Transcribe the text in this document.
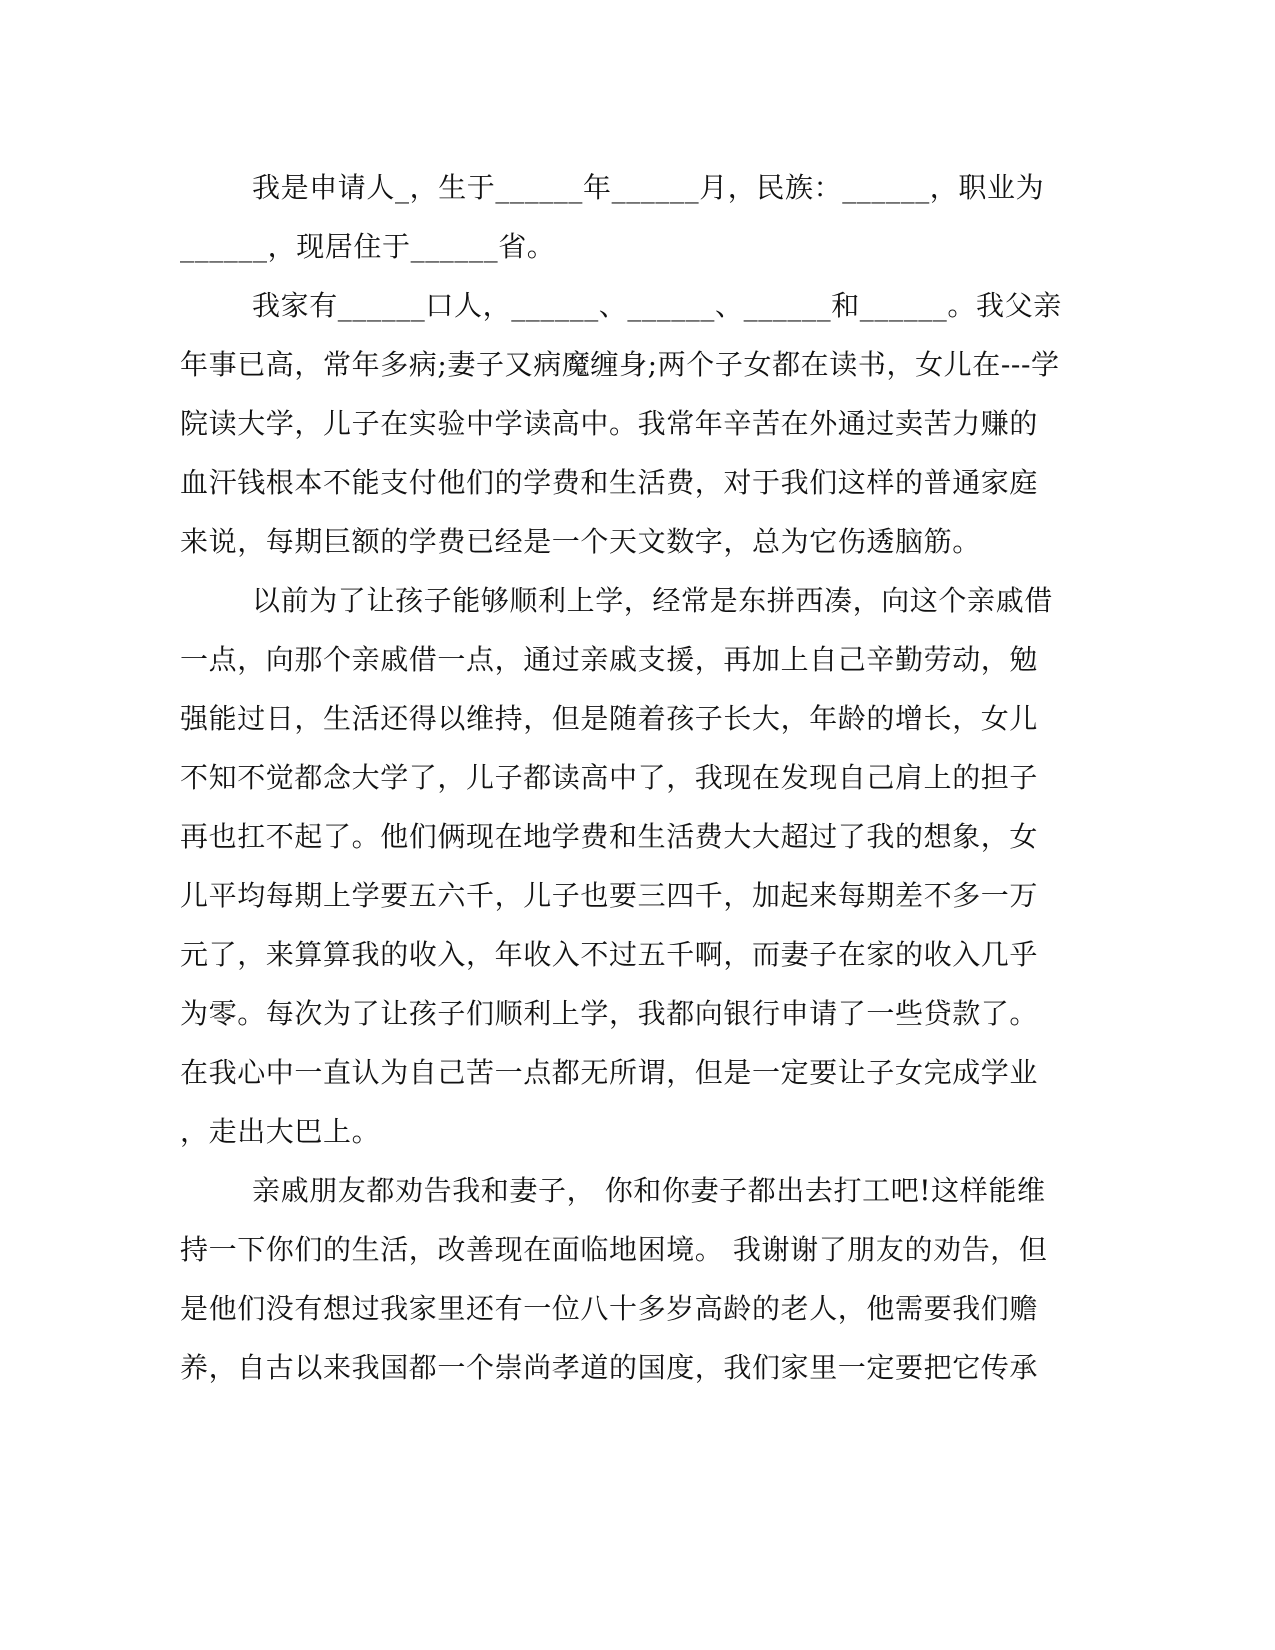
我是申请人_，生于______年______月，民族：______，职业为
______，现居住于______省。

我家有______口人，______、______、______和______。我父亲
年事已高，常年多病;妻子又病魔缠身;两个子女都在读书，女儿在---学
院读大学，儿子在实验中学读高中。我常年辛苦在外通过卖苦力赚的
血汗钱根本不能支付他们的学费和生活费，对于我们这样的普通家庭
来说，每期巨额的学费已经是一个天文数字，总为它伤透脑筋。

以前为了让孩子能够顺利上学，经常是东拼西凑，向这个亲戚借
一点，向那个亲戚借一点，通过亲戚支援，再加上自己辛勤劳动，勉
强能过日，生活还得以维持，但是随着孩子长大，年龄的增长，女儿
不知不觉都念大学了，儿子都读高中了，我现在发现自己肩上的担子
再也扛不起了。他们俩现在地学费和生活费大大超过了我的想象，女
儿平均每期上学要五六千，儿子也要三四千，加起来每期差不多一万
元了，来算算我的收入，年收入不过五千啊，而妻子在家的收入几乎
为零。每次为了让孩子们顺利上学，我都向银行申请了一些贷款了。
在我心中一直认为自己苦一点都无所谓，但是一定要让子女完成学业
，走出大巴上。

亲戚朋友都劝告我和妻子， 你和你妻子都出去打工吧!这样能维
持一下你们的生活，改善现在面临地困境。 我谢谢了朋友的劝告，但
是他们没有想过我家里还有一位八十多岁高龄的老人，他需要我们赡
养，自古以来我国都一个崇尚孝道的国度，我们家里一定要把它传承
